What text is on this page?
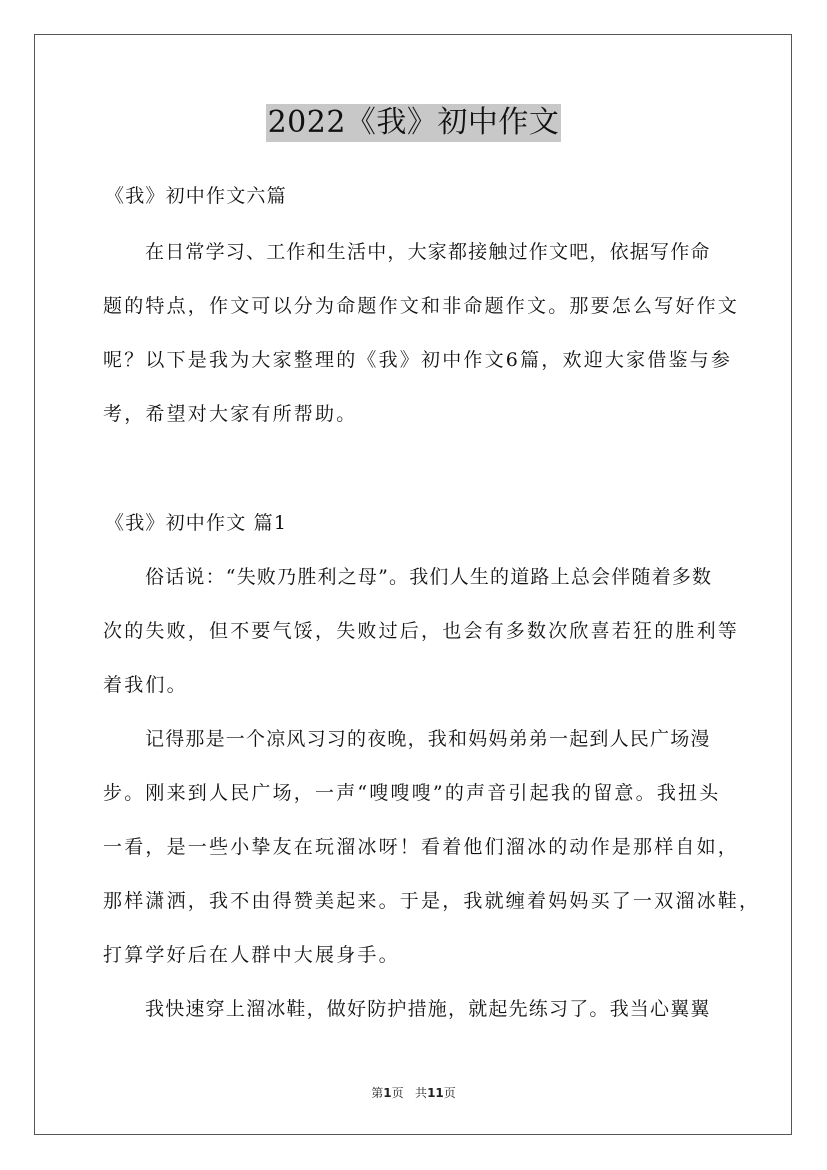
2022《我》初中作文
《我》初中作文六篇
在日常学习、工作和生活中，大家都接触过作文吧，依据写作命
题的特点，作文可以分为命题作文和非命题作文。那要怎么写好作文
呢？以下是我为大家整理的《我》初中作文6篇，欢迎大家借鉴与参
考，希望对大家有所帮助。
《我》初中作文 篇1
俗话说：“失败乃胜利之母”。我们人生的道路上总会伴随着多数
次的失败，但不要气馁，失败过后，也会有多数次欣喜若狂的胜利等
着我们。
记得那是一个凉风习习的夜晚，我和妈妈弟弟一起到人民广场漫
步。刚来到人民广场，一声“嗖嗖嗖”的声音引起我的留意。我扭头
一看，是一些小挚友在玩溜冰呀！看着他们溜冰的动作是那样自如，
那样潇洒，我不由得赞美起来。于是，我就缠着妈妈买了一双溜冰鞋，
打算学好后在人群中大展身手。
我快速穿上溜冰鞋，做好防护措施，就起先练习了。我当心翼翼
第1页 共11页
